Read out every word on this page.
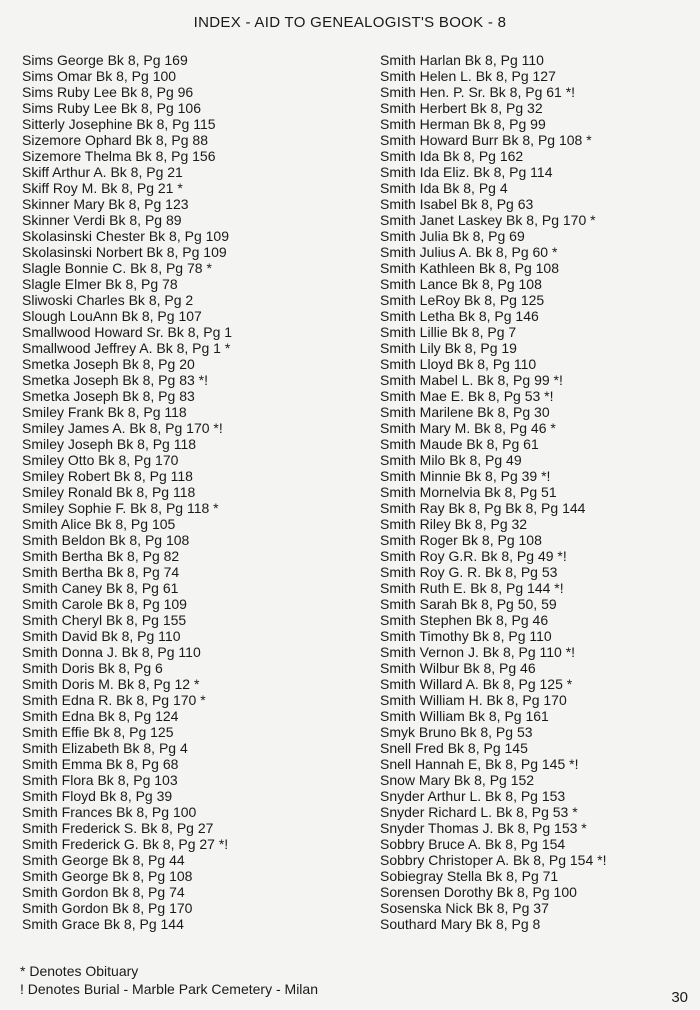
INDEX - AID TO GENEALOGIST'S BOOK - 8
Sims George Bk 8, Pg 169
Sims Omar Bk 8, Pg 100
Sims Ruby Lee Bk 8, Pg 96
Sims Ruby Lee Bk 8, Pg 106
Sitterly Josephine Bk 8, Pg 115
Sizemore Ophard Bk 8, Pg 88
Sizemore Thelma Bk 8, Pg 156
Skiff Arthur A. Bk 8, Pg 21
Skiff Roy M. Bk 8, Pg 21 *
Skinner Mary Bk 8, Pg 123
Skinner Verdi Bk 8, Pg 89
Skolasinski Chester Bk 8, Pg 109
Skolasinski Norbert Bk 8, Pg 109
Slagle Bonnie C. Bk 8, Pg 78 *
Slagle Elmer Bk 8, Pg 78
Sliwoski Charles Bk 8, Pg 2
Slough LouAnn Bk 8, Pg 107
Smallwood Howard Sr. Bk 8, Pg 1
Smallwood Jeffrey A. Bk 8, Pg 1 *
Smetka Joseph Bk 8, Pg 20
Smetka Joseph Bk 8, Pg 83 *!
Smetka Joseph Bk 8, Pg 83
Smiley Frank Bk 8, Pg 118
Smiley James A. Bk 8, Pg 170 *!
Smiley Joseph Bk 8, Pg 118
Smiley Otto Bk 8, Pg 170
Smiley Robert Bk 8, Pg 118
Smiley Ronald Bk 8, Pg 118
Smiley Sophie F. Bk 8, Pg 118 *
Smith Alice Bk 8, Pg 105
Smith Beldon Bk 8, Pg 108
Smith Bertha Bk 8, Pg 82
Smith Bertha Bk 8, Pg 74
Smith Caney Bk 8, Pg 61
Smith Carole Bk 8, Pg 109
Smith Cheryl Bk 8, Pg 155
Smith David Bk 8, Pg 110
Smith Donna J. Bk 8, Pg 110
Smith Doris Bk 8, Pg 6
Smith Doris M. Bk 8, Pg 12 *
Smith Edna R. Bk 8, Pg 170 *
Smith Edna Bk 8, Pg 124
Smith Effie Bk 8, Pg 125
Smith Elizabeth Bk 8, Pg 4
Smith Emma Bk 8, Pg 68
Smith Flora Bk 8, Pg 103
Smith Floyd Bk 8, Pg 39
Smith Frances Bk 8, Pg 100
Smith Frederick S. Bk 8, Pg 27
Smith Frederick G. Bk 8, Pg 27 *!
Smith George Bk 8, Pg 44
Smith George Bk 8, Pg 108
Smith Gordon Bk 8, Pg 74
Smith Gordon Bk 8, Pg 170
Smith Grace Bk 8, Pg 144
Smith Harlan Bk 8, Pg 110
Smith Helen L. Bk 8, Pg 127
Smith Hen. P. Sr. Bk 8, Pg 61 *!
Smith Herbert Bk 8, Pg 32
Smith Herman Bk 8, Pg 99
Smith Howard Burr Bk 8, Pg 108 *
Smith Ida Bk 8, Pg 162
Smith Ida Eliz. Bk 8, Pg 114
Smith Ida Bk 8, Pg 4
Smith Isabel Bk 8, Pg 63
Smith Janet Laskey Bk 8, Pg 170 *
Smith Julia Bk 8, Pg 69
Smith Julius A. Bk 8, Pg 60 *
Smith Kathleen Bk 8, Pg 108
Smith Lance Bk 8, Pg 108
Smith LeRoy Bk 8, Pg 125
Smith Letha Bk 8, Pg 146
Smith Lillie Bk 8, Pg 7
Smith Lily Bk 8, Pg 19
Smith Lloyd Bk 8, Pg 110
Smith Mabel L. Bk 8, Pg 99 *!
Smith Mae E. Bk 8, Pg 53 *!
Smith Marilene Bk 8, Pg 30
Smith Mary M. Bk 8, Pg 46 *
Smith Maude Bk 8, Pg 61
Smith Milo Bk 8, Pg 49
Smith Minnie Bk 8, Pg 39 *!
Smith Mornelvia Bk 8, Pg 51
Smith Ray Bk 8, Pg Bk 8, Pg 144
Smith Riley Bk 8, Pg 32
Smith Roger Bk 8, Pg 108
Smith Roy G.R. Bk 8, Pg 49 *!
Smith Roy G. R. Bk 8, Pg 53
Smith Ruth E. Bk 8, Pg 144 *!
Smith Sarah Bk 8, Pg 50, 59
Smith Stephen Bk 8, Pg 46
Smith Timothy Bk 8, Pg 110
Smith Vernon J. Bk 8, Pg 110 *!
Smith Wilbur Bk 8, Pg 46
Smith Willard A. Bk 8, Pg 125 *
Smith William H. Bk 8, Pg 170
Smith William Bk 8, Pg 161
Smyk Bruno Bk 8, Pg 53
Snell Fred Bk 8, Pg 145
Snell Hannah E, Bk 8, Pg 145 *!
Snow Mary Bk 8, Pg 152
Snyder Arthur L. Bk 8, Pg 153
Snyder Richard L. Bk 8, Pg 53 *
Snyder Thomas J. Bk 8, Pg 153 *
Sobbry Bruce A. Bk 8, Pg 154
Sobbry Christoper A. Bk 8, Pg 154 *!
Sobiegray Stella Bk 8, Pg 71
Sorensen Dorothy Bk 8, Pg 100
Sosenska Nick Bk 8, Pg 37
Southard Mary Bk 8, Pg 8
* Denotes Obituary
! Denotes Burial - Marble Park Cemetery - Milan	30
